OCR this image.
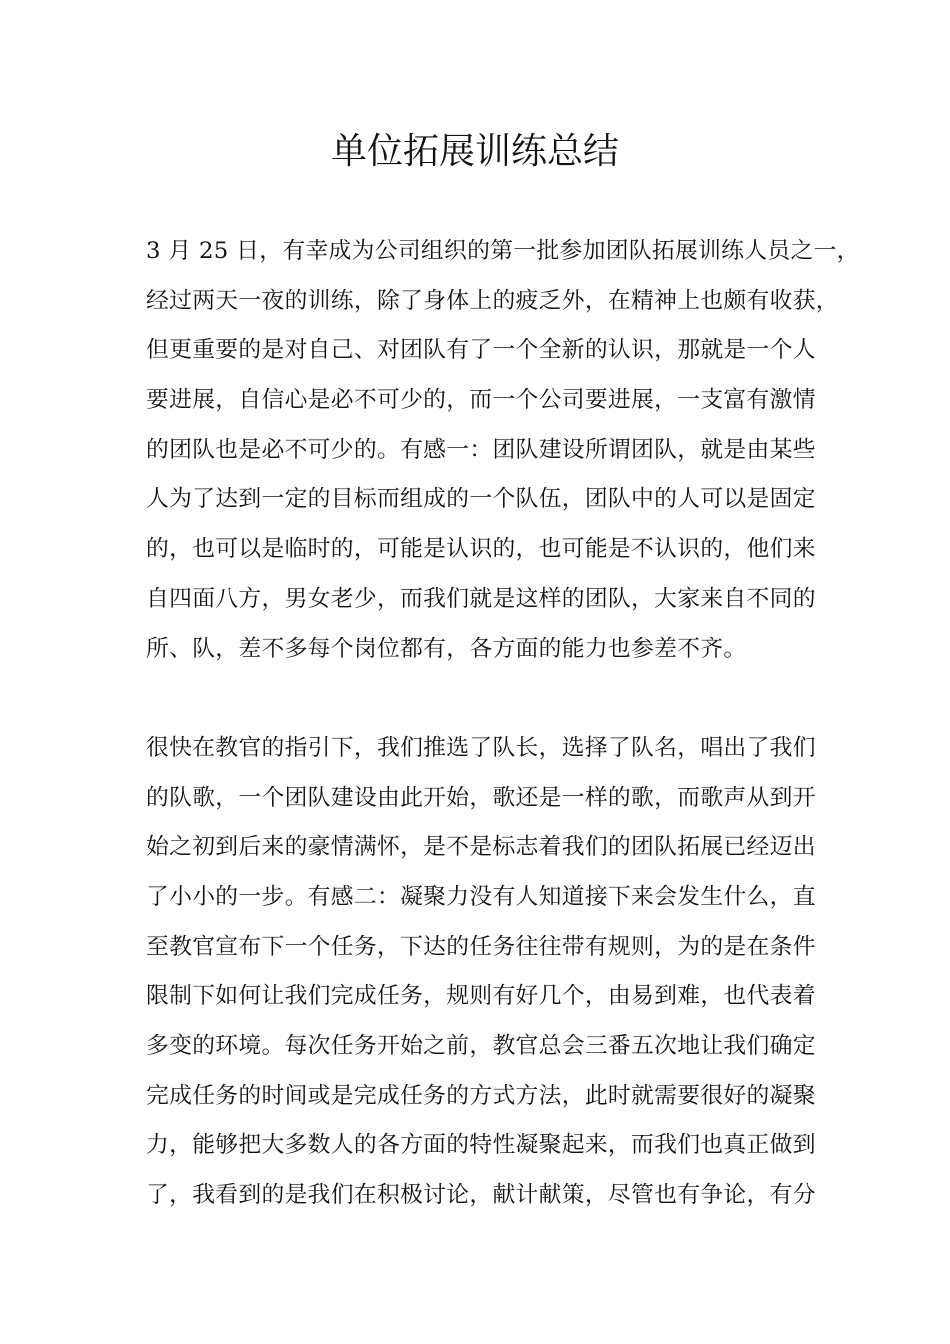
单位拓展训练总结
3 月 25 日，有幸成为公司组织的第一批参加团队拓展训练人员之一，
经过两天一夜的训练，除了身体上的疲乏外，在精神上也颇有收获，
但更重要的是对自己、对团队有了一个全新的认识，那就是一个人
要进展，自信心是必不可少的，而一个公司要进展，一支富有激情
的团队也是必不可少的。有感一：团队建设所谓团队，就是由某些
人为了达到一定的目标而组成的一个队伍，团队中的人可以是固定
的，也可以是临时的，可能是认识的，也可能是不认识的，他们来
自四面八方，男女老少，而我们就是这样的团队，大家来自不同的
所、队，差不多每个岗位都有，各方面的能力也参差不齐。
很快在教官的指引下，我们推选了队长，选择了队名，唱出了我们
的队歌，一个团队建设由此开始，歌还是一样的歌，而歌声从到开
始之初到后来的豪情满怀，是不是标志着我们的团队拓展已经迈出
了小小的一步。有感二：凝聚力没有人知道接下来会发生什么，直
至教官宣布下一个任务，下达的任务往往带有规则，为的是在条件
限制下如何让我们完成任务，规则有好几个，由易到难，也代表着
多变的环境。每次任务开始之前，教官总会三番五次地让我们确定
完成任务的时间或是完成任务的方式方法，此时就需要很好的凝聚
力，能够把大多数人的各方面的特性凝聚起来，而我们也真正做到
了，我看到的是我们在积极讨论，献计献策，尽管也有争论，有分
